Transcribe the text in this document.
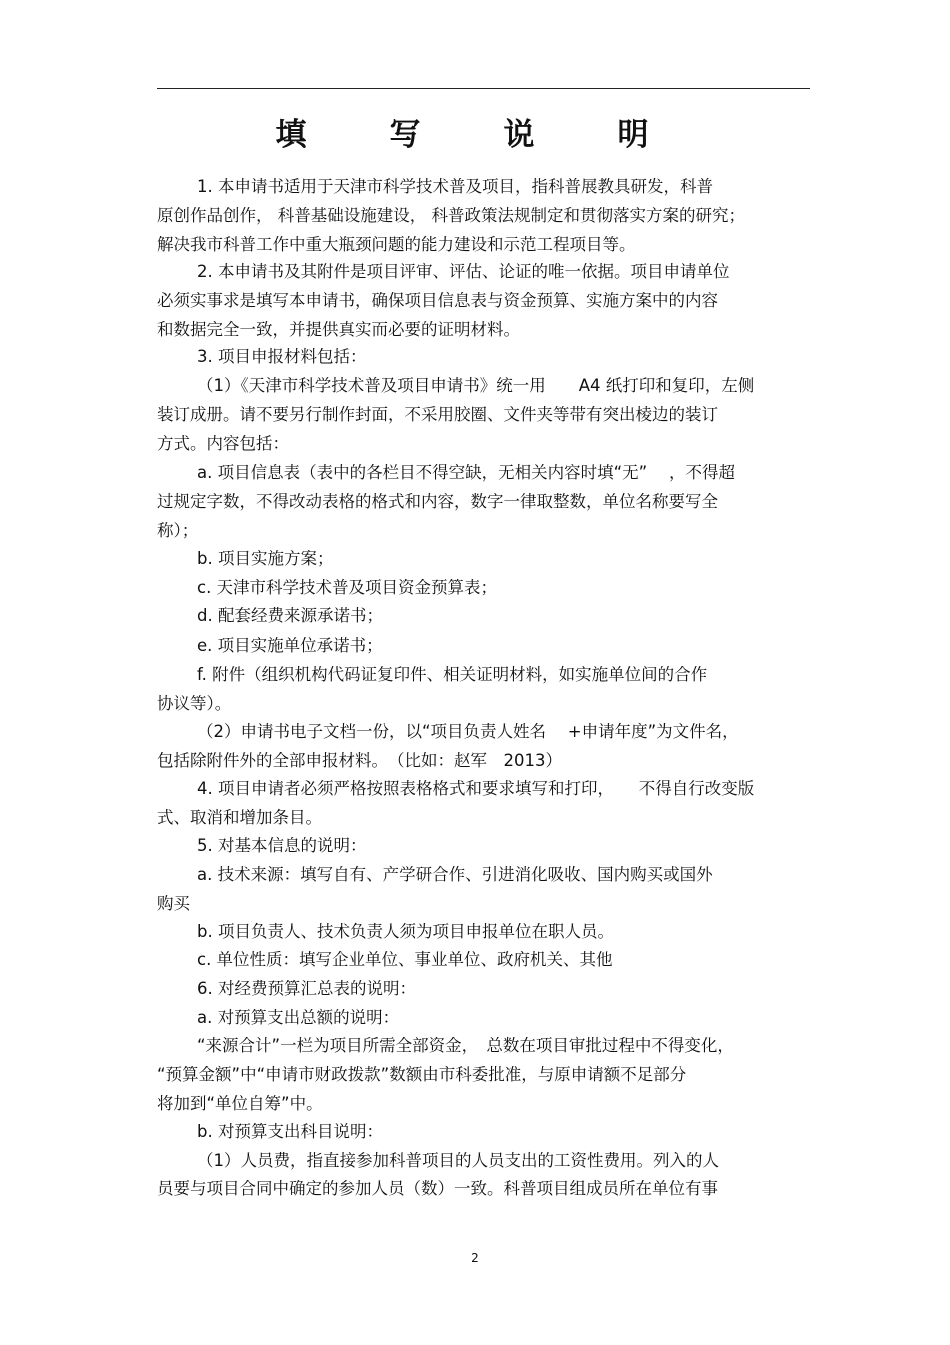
填　写　说　明
1. 本申请书适用于天津市科学技术普及项目，指科普展教具研发，科普
原创作品创作， 科普基础设施建设， 科普政策法规制定和贯彻落实方案的研究；
解决我市科普工作中重大瓶颈问题的能力建设和示范工程项目等。
2. 本申请书及其附件是项目评审、评估、论证的唯一依据。项目申请单位
必须实事求是填写本申请书，确保项目信息表与资金预算、实施方案中的内容
和数据完全一致，并提供真实而必要的证明材料。
3. 项目申报材料包括：
（1）《天津市科学技术普及项目申请书》统一用　　A4 纸打印和复印，左侧
装订成册。请不要另行制作封面，不采用胶圈、文件夹等带有突出棱边的装订
方式。内容包括：
a. 项目信息表（表中的各栏目不得空缺，无相关内容时填“无”　 ，不得超
过规定字数，不得改动表格的格式和内容，数字一律取整数，单位名称要写全
称）；
b. 项目实施方案；
c. 天津市科学技术普及项目资金预算表；
d. 配套经费来源承诺书；
e. 项目实施单位承诺书；
f. 附件（组织机构代码证复印件、相关证明材料，如实施单位间的合作
协议等）。
（2）申请书电子文档一份，以“项目负责人姓名　 +申请年度”为文件名，
包括除附件外的全部申报材料。　（比如：赵军　2013）
4. 项目申请者必须严格按照表格格式和要求填写和打印，　　不得自行改变版
式、取消和增加条目。
5. 对基本信息的说明：
a. 技术来源：填写自有、产学研合作、引进消化吸收、国内购买或国外
购买
b. 项目负责人、技术负责人须为项目申报单位在职人员。
c. 单位性质：填写企业单位、事业单位、政府机关、其他
6. 对经费预算汇总表的说明：
a. 对预算支出总额的说明：
“来源合计”一栏为项目所需全部资金，　总数在项目审批过程中不得变化，
“预算金额”中“申请市财政拨款”数额由市科委批准，与原申请额不足部分
将加到“单位自筹”中。
b. 对预算支出科目说明：
（1）人员费，指直接参加科普项目的人员支出的工资性费用。列入的人
员要与项目合同中确定的参加人员（数）一致。科普项目组成员所在单位有事
2
